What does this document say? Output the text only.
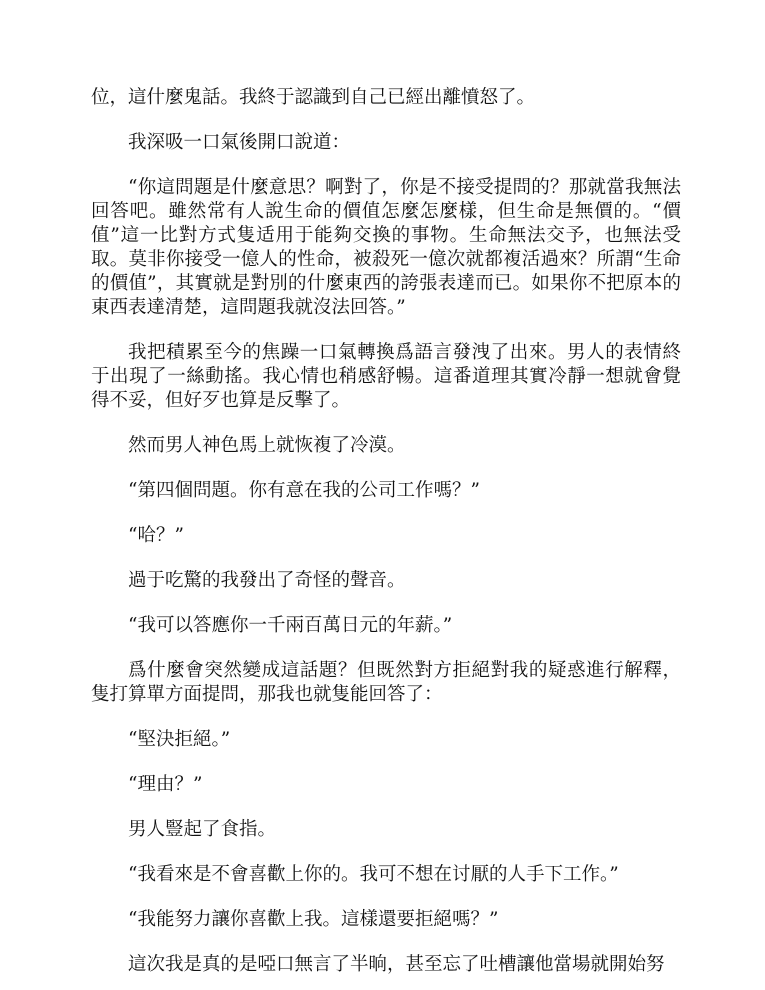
位，這什麼鬼話。我終于認識到自己已經出離憤怒了。

我深吸一口氣後開口說道：

“你這問題是什麼意思？啊對了，你是不接受提問的？那就當我無法回答吧。雖然常有人說生命的價值怎麼怎麼樣，但生命是無價的。“價值”這一比對方式隻适用于能夠交換的事物。生命無法交予，也無法受取。莫非你接受一億人的性命，被殺死一億次就都複活過來？所謂“生命的價值”，其實就是對別的什麼東西的誇張表達而已。如果你不把原本的東西表達清楚，這問題我就沒法回答。”

我把積累至今的焦躁一口氣轉換爲語言發洩了出來。男人的表情終于出現了一絲動搖。我心情也稍感舒暢。這番道理其實冷靜一想就會覺得不妥，但好歹也算是反擊了。

然而男人神色馬上就恢複了冷漠。

“第四個問題。你有意在我的公司工作嗎？”

“哈？”

過于吃驚的我發出了奇怪的聲音。

“我可以答應你一千兩百萬日元的年薪。”

爲什麼會突然變成這話題？但既然對方拒絕對我的疑惑進行解釋，隻打算單方面提問，那我也就隻能回答了：

“堅決拒絕。”

“理由？”

男人豎起了食指。

“我看來是不會喜歡上你的。我可不想在讨厭的人手下工作。”

“我能努力讓你喜歡上我。這樣還要拒絕嗎？”

這次我是真的是啞口無言了半晌，甚至忘了吐槽讓他當場就開始努
